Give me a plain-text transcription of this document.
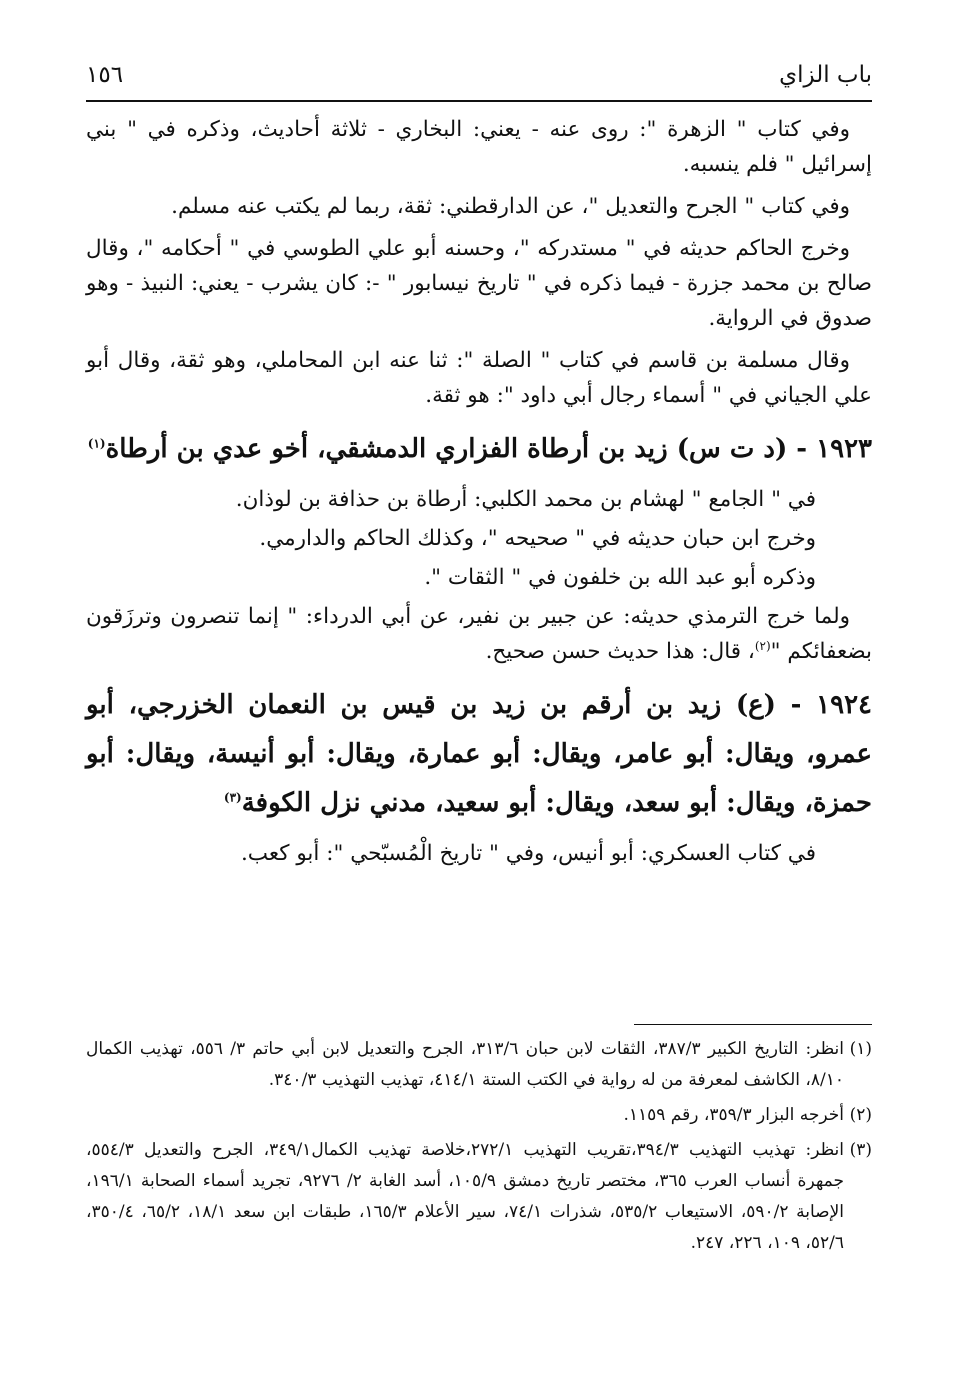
باب الزاي
١٥٦

وفي كتاب " الزهرة ": روى عنه - يعني: البخاري - ثلاثة أحاديث، وذكره في " بني إسرائيل " فلم ينسبه.

وفي كتاب " الجرح والتعديل "، عن الدارقطني: ثقة، ربما لم يكتب عنه مسلم.

وخرج الحاكم حديثه في " مستدركه "، وحسنه أبو علي الطوسي في " أحكامه "، وقال صالح بن محمد جزرة - فيما ذكره في " تاريخ نيسابور " -: كان يشرب - يعني: النبيذ - وهو صدوق في الرواية.

وقال مسلمة بن قاسم في كتاب " الصلة ": ثنا عنه ابن المحاملي، وهو ثقة، وقال أبو علي الجياني في " أسماء رجال أبي داود ": هو ثقة.

١٩٢٣ - (د ت س) زيد بن أرطاة الفزاري الدمشقي، أخو عدي بن أرطاة$^{(١)}$

في " الجامع " لهشام بن محمد الكلبي: أرطاة بن حذافة بن لوذان.

وخرج ابن حبان حديثه في " صحيحه "، وكذلك الحاكم والدارمي.

وذكره أبو عبد الله بن خلفون في " الثقات ".

ولما خرج الترمذي حديثه: عن جبير بن نفير، عن أبي الدرداء: " إنما تنصرون وترزَقون بضعفائكم "$^{(٢)}$، قال: هذا حديث حسن صحيح.

١٩٢٤ - (ع) زيد بن أرقم بن زيد بن قيس بن النعمان الخزرجي، أبو عمرو، ويقال: أبو عامر، ويقال: أبو عمارة، ويقال: أبو أنيسة، ويقال: أبو حمزة، ويقال: أبو سعد، ويقال: أبو سعيد، مدني نزل الكوفة$^{(٣)}$

في كتاب العسكري: أبو أنيس، وفي " تاريخ الْمُسبّحي ": أبو كعب.

(١)
انظر: التاريخ الكبير ٣٨٧/٣، الثقات لابن حبان ٣١٣/٦، الجرح والتعديل لابن أبي حاتم ٣/ ٥٥٦، تهذيب الكمال ٨/١٠، الكاشف لمعرفة من له رواية في الكتب الستة ٤١٤/١، تهذيب التهذيب ٣٤٠/٣.
(٢)
أخرجه البزار ٣٥٩/٣، رقم ١١٥٩.
(٣)
انظر: تهذيب التهذيب ٣٩٤/٣،تقريب التهذيب ٢٧٢/١،خلاصة تهذيب الكمال٣٤٩/١، الجرح والتعديل ٥٥٤/٣، جمهرة أنساب العرب ٣٦٥، مختصر تاريخ دمشق ١٠٥/٩، أسد الغابة ٢/ ٩٢٧٦، تجريد أسماء الصحابة ١٩٦/١، الإصابة ٥٩٠/٢، الاستيعاب ٥٣٥/٢، شذرات ٧٤/١، سير الأعلام ١٦٥/٣، طبقات ابن سعد ١٨/١، ٦٥/٢، ٣٥٠/٤، ٥٢/٦، ١٠٩، ٢٢٦، ٢٤٧.
